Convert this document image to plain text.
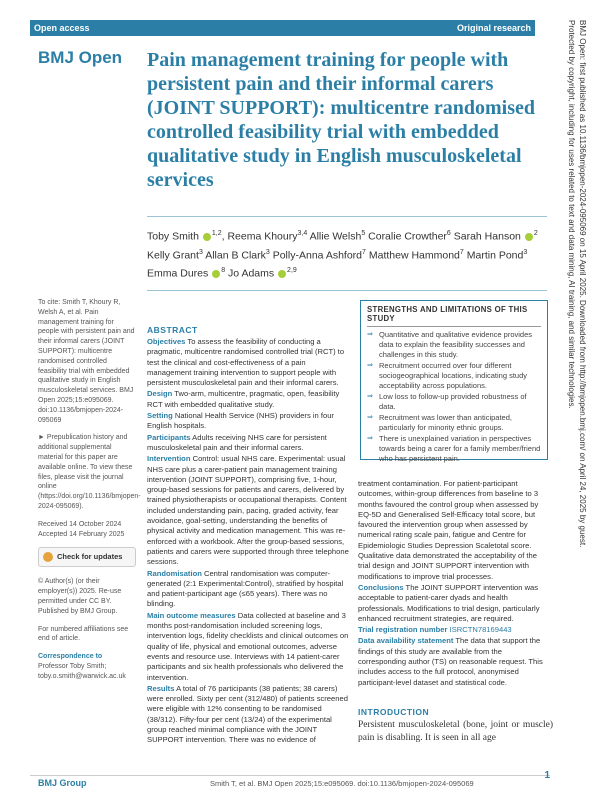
Open access	Original research
BMJ Open Pain management training for people with persistent pain and their informal carers (JOINT SUPPORT): multicentre randomised controlled feasibility trial with embedded qualitative study in English musculoskeletal services
Toby Smith $^{1,2}$, Reema Khoury$^{3,4}$ Allie Welsh$^5$ Coralie Crowther$^6$ Sarah Hanson $^2$ Kelly Grant$^3$ Allan B Clark$^3$ Polly-Anna Ashford$^7$ Matthew Hammond$^7$ Martin Pond$^3$ Emma Dures $^8$ Jo Adams $^{2,9}$

To cite: Smith T, Khoury R, Welsh A, et al. Pain management training for people with persistent pain and their informal carers (JOINT SUPPORT): multicentre randomised controlled feasibility trial with embedded qualitative study in English musculoskeletal services. BMJ Open 2025;15:e095069. doi:10.1136/bmjopen-2024-095069

► Prepublication history and additional supplemental material for this paper are available online. To view these files, please visit the journal online (https://doi.org/10.1136/bmjopen-2024-095069).

Received 14 October 2024

Accepted 14 February 2025

Check for updates

© Author(s) (or their employer(s)) 2025. Re-use permitted under CC BY. Published by BMJ Group.

For numbered affiliations see end of article.

Correspondence to

Professor Toby Smith; toby.o.smith@warwick.ac.uk

ABSTRACT

Objectives To assess the feasibility of conducting a pragmatic, multicentre randomised controlled trial (RCT) to test the clinical and cost-effectiveness of a pain management training intervention to support people with persistent musculoskeletal pain and their informal carers.

Design Two-arm, multicentre, pragmatic, open, feasibility RCT with embedded qualitative study.

Setting National Health Service (NHS) providers in four English hospitals.

Participants Adults receiving NHS care for persistent musculoskeletal pain and their informal carers.

Intervention Control: usual NHS care. Experimental: usual NHS care plus a carer-patient pain management training intervention (JOINT SUPPORT), comprising five, 1-hour, group-based sessions for patients and carers, delivered by trained physiotherapists or occupational therapists. Content included understanding pain, pacing, graded activity, fear avoidance, goal-setting, understanding the benefits of physical activity and medication management. This was re-enforced with a workbook. After the group-based sessions, patients and carers were supported through three telephone sessions.

Randomisation Central randomisation was computer-generated (2:1 Experimental:Control), stratified by hospital and patient-participant age (≤65 years). There was no blinding.

Main outcome measures Data collected at baseline and 3 months post-randomisation included screening logs, intervention logs, fidelity checklists and clinical outcomes on quality of life, physical and emotional outcomes, adverse events and resource use. Interviews with 14 patient-carer participants and six health professionals who delivered the intervention.

Results A total of 76 participants (38 patients; 38 carers) were enrolled. Sixty per cent (312/480) of patients screened were eligible with 12% consenting to be randomised (38/312). Fifty-four per cent (13/24) of the experimental group reached minimal compliance with the JOINT SUPPORT intervention. There was no evidence of

STRENGTHS AND LIMITATIONS OF THIS STUDY
⇒ Quantitative and qualitative evidence provides data to explain the feasibility successes and challenges in this study.
⇒ Recruitment occurred over four different sociogeographical locations, indicating study acceptability across populations.
⇒ Low loss to follow-up provided robustness of data.
⇒ Recruitment was lower than anticipated, particularly for minority ethnic groups.
⇒ There is unexplained variation in perspectives towards being a carer for a family member/friend who has persistent pain.

treatment contamination. For patient-participant outcomes, within-group differences from baseline to 3 months favoured the control group when assessed by EQ-5D and Generalised Self-Efficacy total score, but favoured the intervention group when assessed by numerical rating scale pain, fatigue and Centre for Epidemiologic Studies Depression Scaletotal score. Qualitative data demonstrated the acceptability of the trial design and JOINT SUPPORT intervention with modifications to improve trial processes.

Conclusions The JOINT SUPPORT intervention was acceptable to patient-carer dyads and health professionals. Modifications to trial design, particularly enhanced recruitment strategies, are required.

Trial registration number ISRCTN78169443

Data availability statement The data that support the findings of this study are available from the corresponding author (TS) on reasonable request. This includes access to the full protocol, anonymised participant-level dataset and statistical code.

INTRODUCTION
Persistent musculoskeletal (bone, joint or muscle) pain is disabling. It is seen in all age
BMJ Open: first published as 10.1136/bmjopen-2024-095069 on 15 April 2025. Downloaded from http://bmjopen.bmj.com/ on April 24, 2025 by guest.
Protected by copyright, including for uses related to text and data mining, AI training, and similar technologies.
BMJ Group	Smith T, et al. BMJ Open 2025;15:e095069. doi:10.1136/bmjopen-2024-095069
1
